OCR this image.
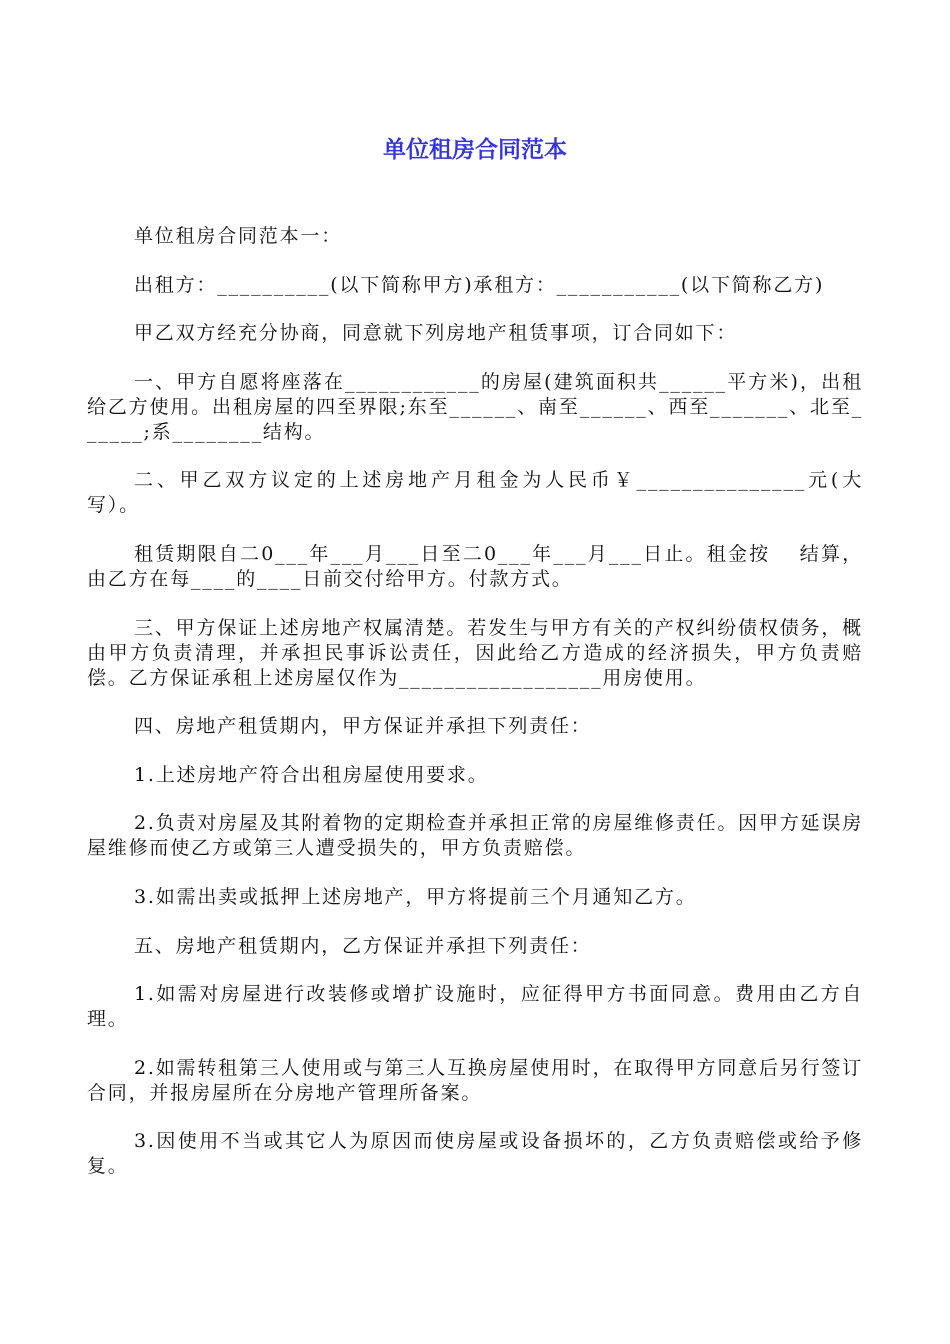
单位租房合同范本

单位租房合同范本一：

出租方：__________(以下简称甲方)承租方：___________(以下简称乙方)

甲乙双方经充分协商，同意就下列房地产租赁事项，订合同如下：

一、甲方自愿将座落在____________的房屋(建筑面积共______平方米)，出租给乙方使用。出租房屋的四至界限;东至______、南至______、西至_______、北至______;系________结构。

二、甲乙双方议定的上述房地产月租金为人民币￥_______________元(大写）。

租赁期限自二0___年___月___日至二0___年___月___日止。租金按　 结算，由乙方在每____的____日前交付给甲方。付款方式。

三、甲方保证上述房地产权属清楚。若发生与甲方有关的产权纠纷债权债务，概由甲方负责清理，并承担民事诉讼责任，因此给乙方造成的经济损失，甲方负责赔偿。乙方保证承租上述房屋仅作为__________________用房使用。

四、房地产租赁期内，甲方保证并承担下列责任：

1.上述房地产符合出租房屋使用要求。

2.负责对房屋及其附着物的定期检查并承担正常的房屋维修责任。因甲方延误房屋维修而使乙方或第三人遭受损失的，甲方负责赔偿。

3.如需出卖或抵押上述房地产，甲方将提前三个月通知乙方。

五、房地产租赁期内，乙方保证并承担下列责任：

1.如需对房屋进行改装修或增扩设施时，应征得甲方书面同意。费用由乙方自理。

2.如需转租第三人使用或与第三人互换房屋使用时，在取得甲方同意后另行签订合同，并报房屋所在分房地产管理所备案。

3.因使用不当或其它人为原因而使房屋或设备损坏的，乙方负责赔偿或给予修复。
